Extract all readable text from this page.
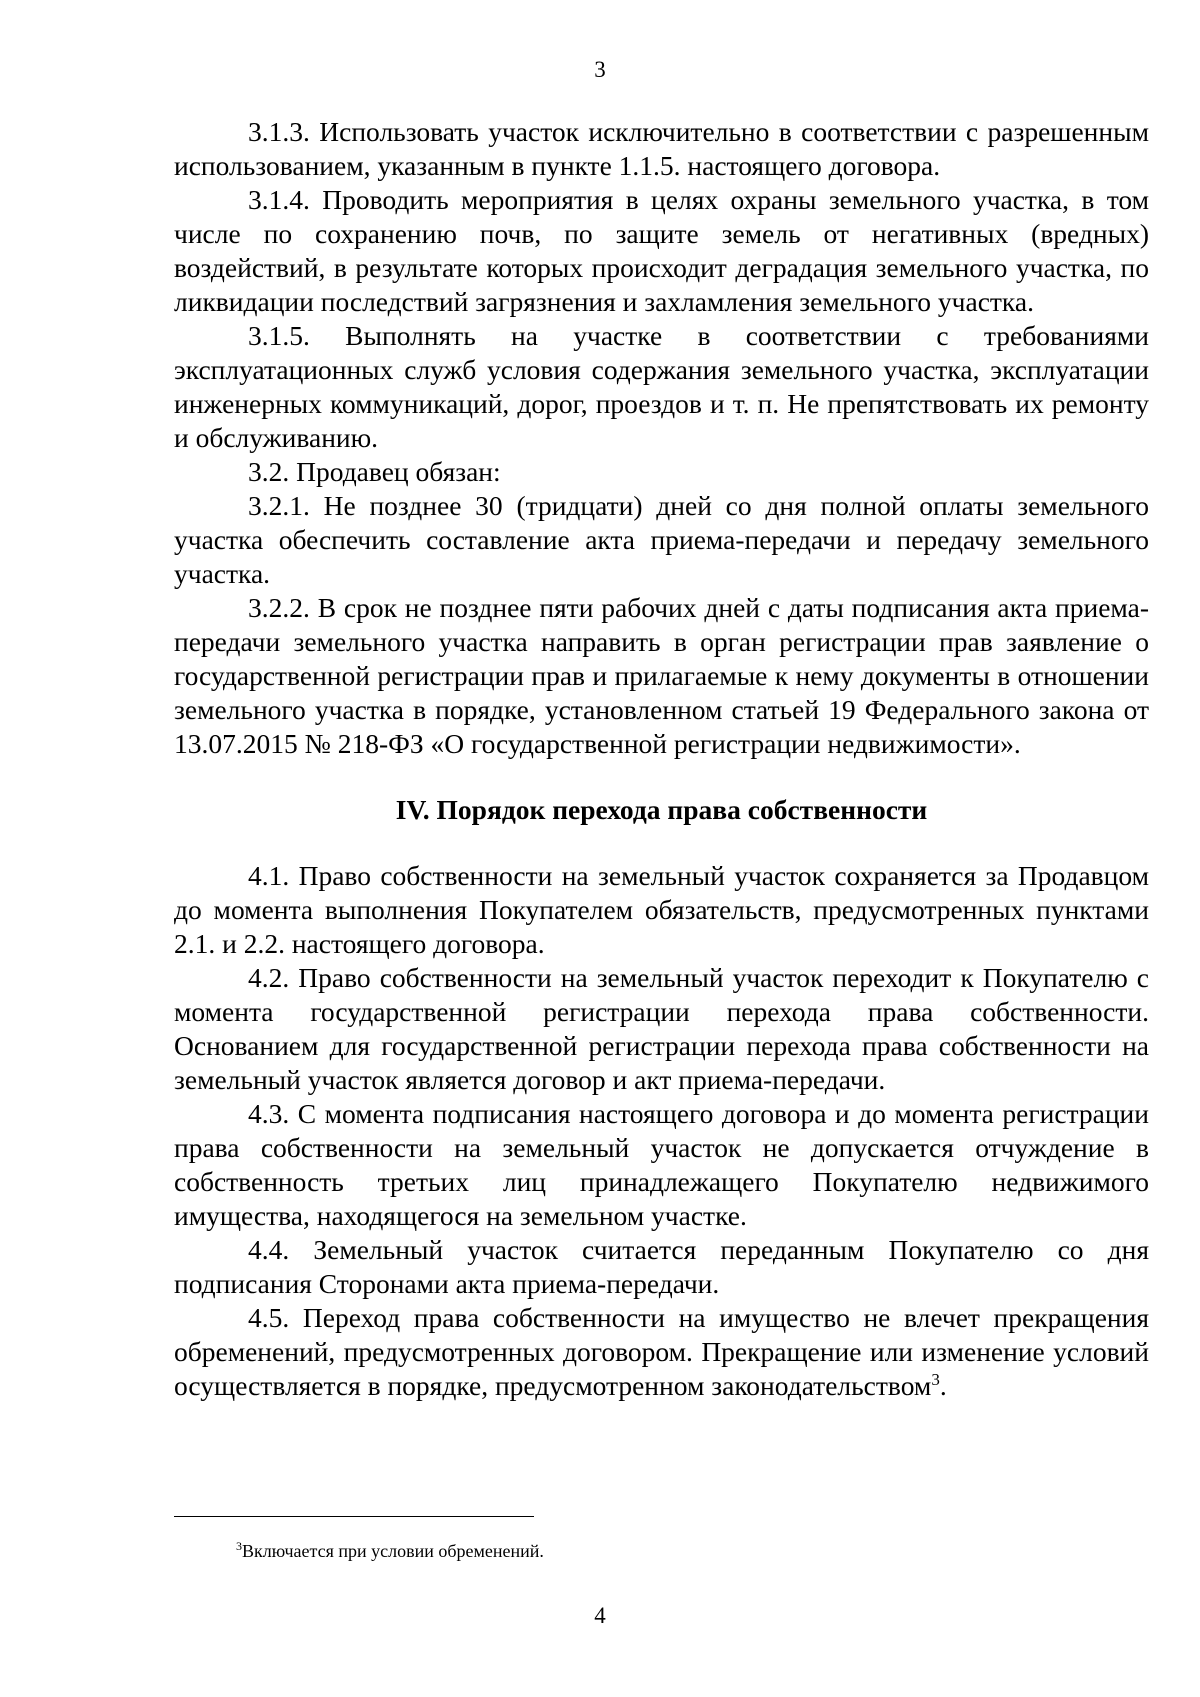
3

3.1.3. Использовать участок исключительно в соответствии с разрешенным использованием, указанным в пункте 1.1.5. настоящего договора.

3.1.4. Проводить мероприятия в целях охраны земельного участка, в том числе по сохранению почв, по защите земель от негативных (вредных) воздействий, в результате которых происходит деградация земельного участка, по ликвидации последствий загрязнения и захламления земельного участка.

3.1.5. Выполнять на участке в соответствии с требованиями эксплуатационных служб условия содержания земельного участка, эксплуатации инженерных коммуникаций, дорог, проездов и т. п. Не препятствовать их ремонту и обслуживанию.

3.2. Продавец обязан:

3.2.1. Не позднее 30 (тридцати) дней со дня полной оплаты земельного участка обеспечить составление акта приема-передачи и передачу земельного участка.

3.2.2. В срок не позднее пяти рабочих дней с даты подписания акта приема-передачи земельного участка направить в орган регистрации прав заявление о государственной регистрации прав и прилагаемые к нему документы в отношении земельного участка в порядке, установленном статьей 19 Федерального закона от 13.07.2015 № 218-ФЗ «О государственной регистрации недвижимости».

IV. Порядок перехода права собственности

4.1. Право собственности на земельный участок сохраняется за Продавцом до момента выполнения Покупателем обязательств, предусмотренных пунктами 2.1. и 2.2. настоящего договора.

4.2. Право собственности на земельный участок переходит к Покупателю с момента государственной регистрации перехода права собственности. Основанием для государственной регистрации перехода права собственности на земельный участок является договор и акт приема-передачи.

4.3. С момента подписания настоящего договора и до момента регистрации права собственности на земельный участок не допускается отчуждение в собственность третьих лиц принадлежащего Покупателю недвижимого имущества, находящегося на земельном участке.

4.4. Земельный участок считается переданным Покупателю со дня подписания Сторонами акта приема-передачи.

4.5. Переход права собственности на имущество не влечет прекращения обременений, предусмотренных договором. Прекращение или изменение условий осуществляется в порядке, предусмотренном законодательством$^3$.

$^3$Включается при условии обременений.
4
